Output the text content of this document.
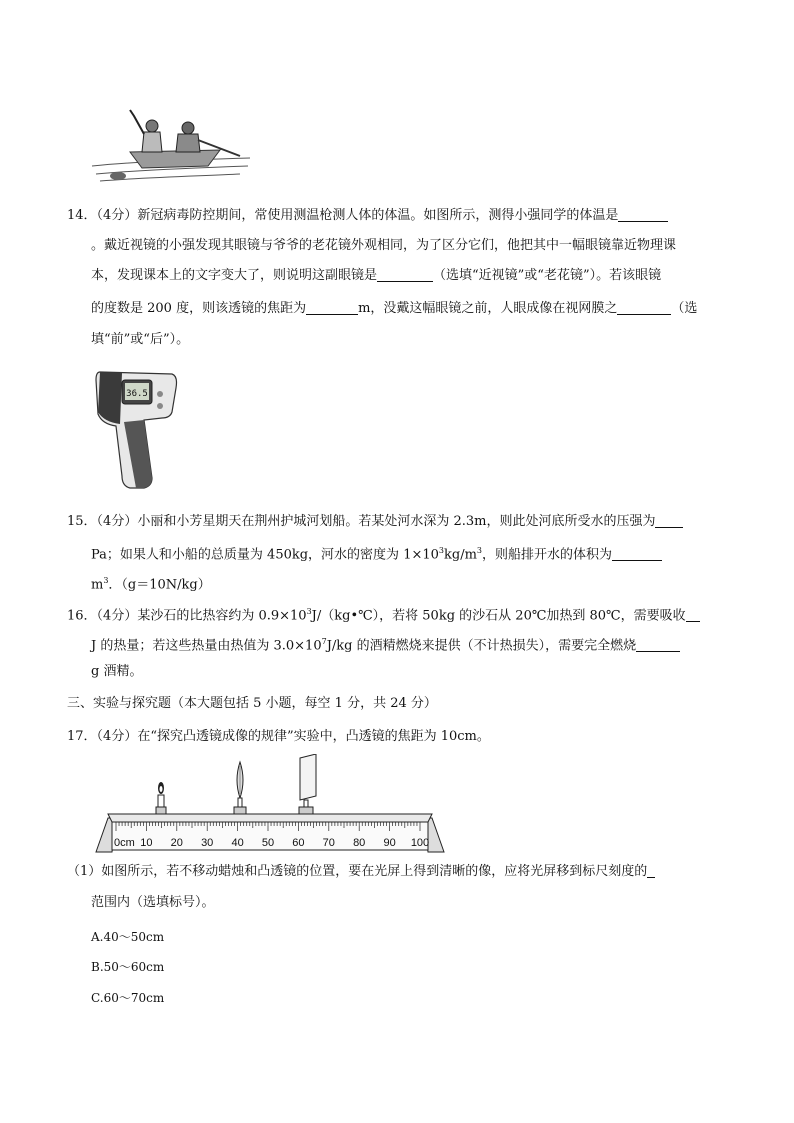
14．（4分）新冠病毒防控期间，常使用测温枪测人体的体温。如图所示，测得小强同学的体温是
。戴近视镜的小强发现其眼镜与爷爷的老花镜外观相同，为了区分它们，他把其中一幅眼镜靠近物理课
本，发现课本上的文字变大了，则说明这副眼镜是	（选填“近视镜”或“老花镜”）。若该眼镜
的度数是 200 度，则该透镜的焦距为	m，没戴这幅眼镜之前，人眼成像在视网膜之	（选
填“前”或“后”）。
36.5
15．（4分）小丽和小芳星期天在荆州护城河划船。若某处河水深为 2.3m，则此处河底所受水的压强为
Pa；如果人和小船的总质量为 450kg，河水的密度为 $1\times 10^3kg/m^3$，则船排开水的体积为
$m^3$．（g＝10N/kg）
16．（4分）某沙石的比热容约为 $0.9\times 10^3J/(kg•℃)$，若将 50kg 的沙石从 20℃加热到 80℃，需要吸收
J 的热量；若这些热量由热值为 $3.0\times 10^7J/kg$ 的酒精燃烧来提供（不计热损失），需要完全燃烧
g 酒精。
三、实验与探究题（本大题包括 5 小题，每空 1 分，共 24 分）
17．（4分）在“探究凸透镜成像的规律”实验中，凸透镜的焦距为 10cm。
0cm 10 20 30 40 50 60 70 80 90 100
（1）如图所示，若不移动蜡烛和凸透镜的位置，要在光屏上得到清晰的像，应将光屏移到标尺刻度的
范围内（选填标号）。
A.40～50cm
B.50～60cm
C.60～70cm
